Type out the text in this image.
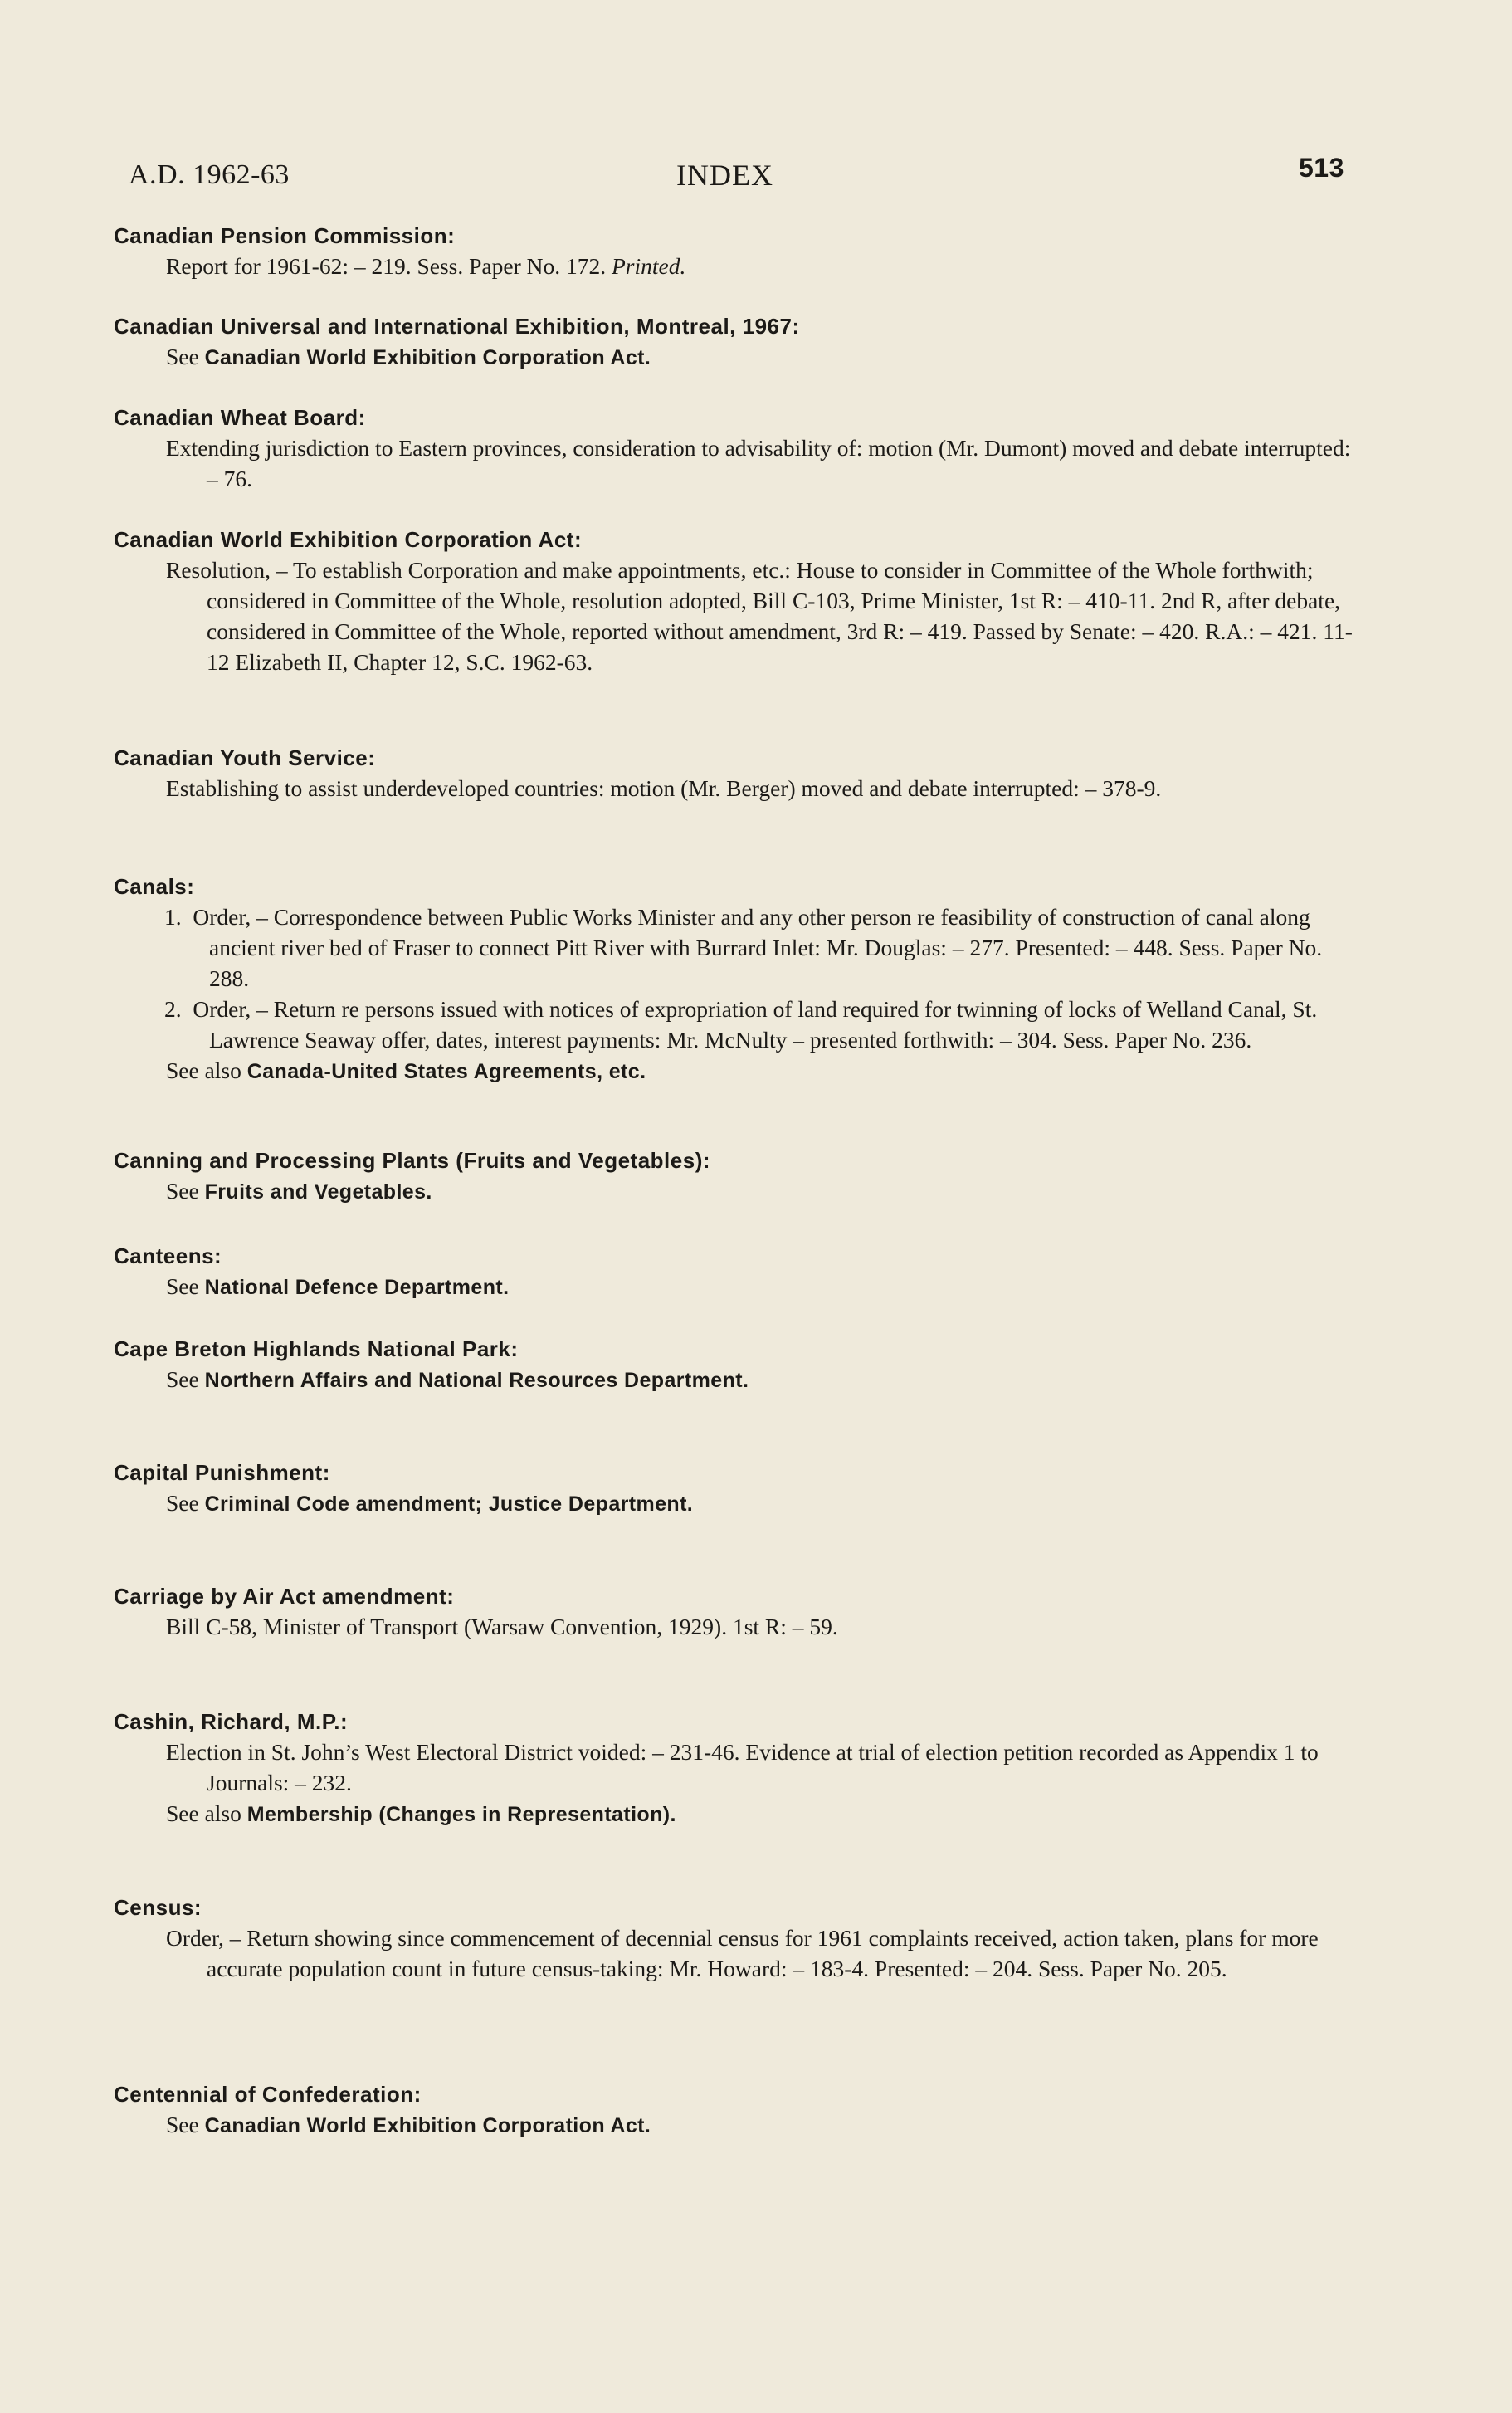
A.D. 1962-63	INDEX	513
Canadian Pension Commission:

Report for 1961-62: – 219. Sess. Paper No. 172. Printed.

Canadian Universal and International Exhibition, Montreal, 1967:

See Canadian World Exhibition Corporation Act.

Canadian Wheat Board:

Extending jurisdiction to Eastern provinces, consideration to advisability of: motion (Mr. Dumont) moved and debate interrupted: – 76.

Canadian World Exhibition Corporation Act:

Resolution, – To establish Corporation and make appointments, etc.: House to consider in Committee of the Whole forthwith; considered in Committee of the Whole, resolution adopted, Bill C-103, Prime Minister, 1st R: – 410-11. 2nd R, after debate, considered in Committee of the Whole, reported without amendment, 3rd R: – 419. Passed by Senate: – 420. R.A.: – 421. 11-12 Elizabeth II, Chapter 12, S.C. 1962-63.

Canadian Youth Service:

Establishing to assist underdeveloped countries: motion (Mr. Berger) moved and debate interrupted: – 378-9.

Canals:

1. Order, – Correspondence between Public Works Minister and any other person re feasibility of construction of canal along ancient river bed of Fraser to connect Pitt River with Burrard Inlet: Mr. Douglas: – 277. Presented: – 448. Sess. Paper No. 288.

2. Order, – Return re persons issued with notices of expropriation of land required for twinning of locks of Welland Canal, St. Lawrence Seaway offer, dates, interest payments: Mr. McNulty – presented forthwith: – 304. Sess. Paper No. 236.

See also Canada-United States Agreements, etc.

Canning and Processing Plants (Fruits and Vegetables):

See Fruits and Vegetables.

Canteens:

See National Defence Department.

Cape Breton Highlands National Park:

See Northern Affairs and National Resources Department.

Capital Punishment:

See Criminal Code amendment; Justice Department.

Carriage by Air Act amendment:

Bill C-58, Minister of Transport (Warsaw Convention, 1929). 1st R: – 59.

Cashin, Richard, M.P.:

Election in St. John’s West Electoral District voided: – 231-46. Evidence at trial of election petition recorded as Appendix 1 to Journals: – 232.

See also Membership (Changes in Representation).

Census:

Order, – Return showing since commencement of decennial census for 1961 complaints received, action taken, plans for more accurate population count in future census-taking: Mr. Howard: – 183-4. Presented: – 204. Sess. Paper No. 205.

Centennial of Confederation:

See Canadian World Exhibition Corporation Act.
